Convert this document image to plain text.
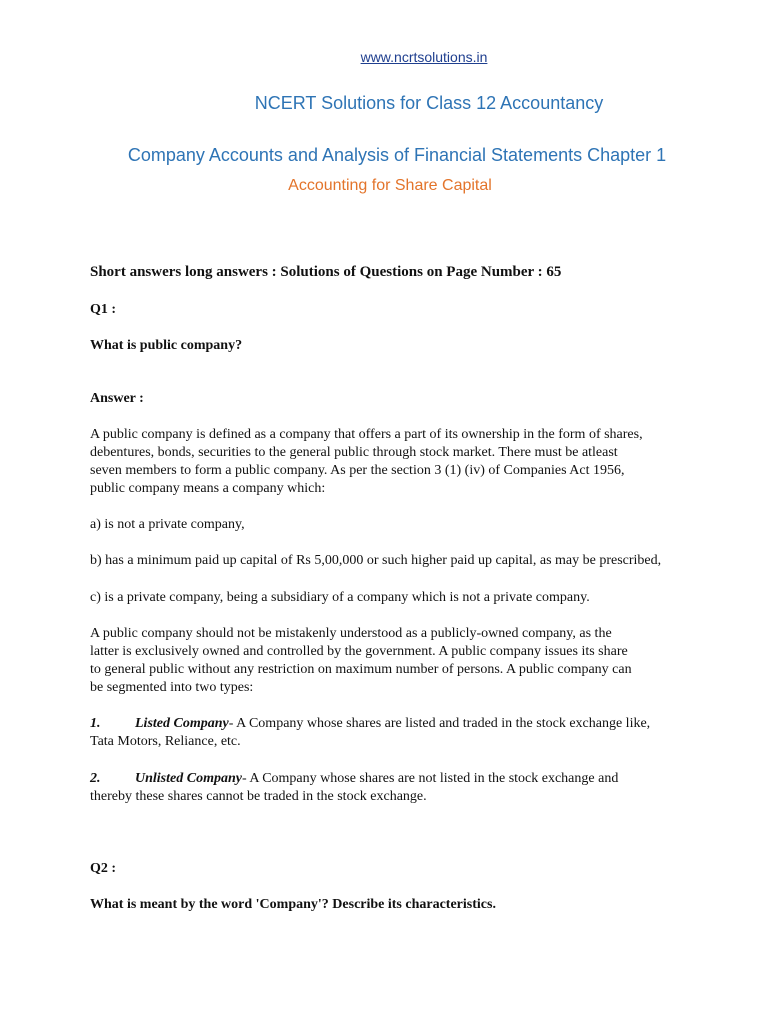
www.ncrtsolutions.in
NCERT Solutions for Class 12 Accountancy
Company Accounts and Analysis of Financial Statements Chapter 1
Accounting for Share Capital
Short answers long answers : Solutions of Questions on Page Number : 65
Q1 :
What is public company?
Answer :
A public company is defined as a company that offers a part of its ownership in the form of shares,
debentures, bonds, securities to the general public through stock market. There must be atleast
seven members to form a public company. As per the section 3 (1) (iv) of Companies Act 1956,
public company means a company which:
a) is not a private company,
b) has a minimum paid up capital of Rs 5,00,000 or such higher paid up capital, as may be prescribed,
c) is a private company, being a subsidiary of a company which is not a private company.
A public company should not be mistakenly understood as a publicly-owned company, as the
latter is exclusively owned and controlled by the government. A public company issues its share
to general public without any restriction on maximum number of persons. A public company can
be segmented into two types:
1. Listed Company- A Company whose shares are listed and traded in the stock exchange like,
Tata Motors, Reliance, etc.
2. Unlisted Company- A Company whose shares are not listed in the stock exchange and
thereby these shares cannot be traded in the stock exchange.
Q2 :
What is meant by the word 'Company'? Describe its characteristics.
